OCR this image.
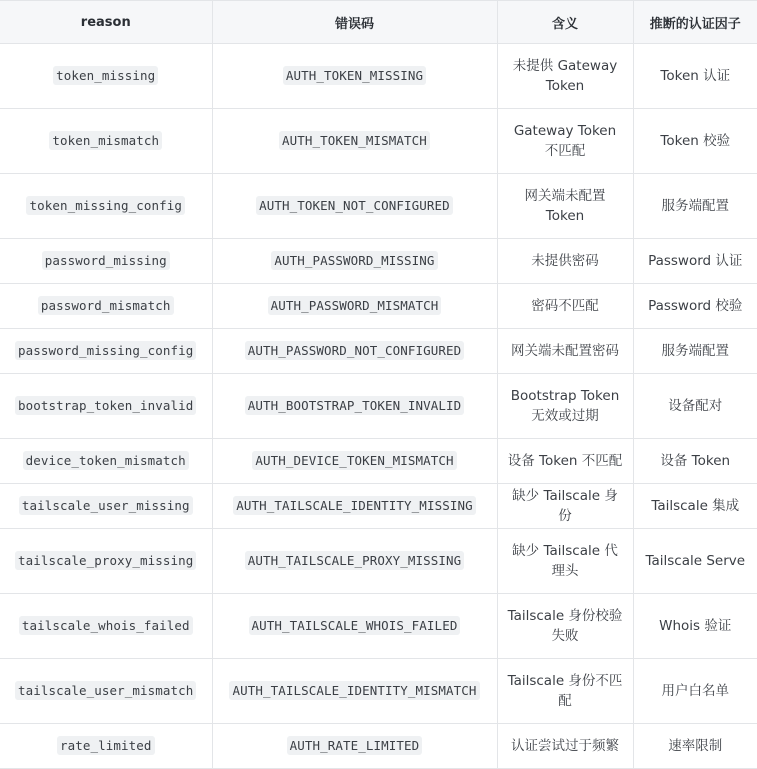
reason	错误码	含义	推断的认证因子
token_missing	AUTH_TOKEN_MISSING	未提供 Gateway Token	Token 认证
token_mismatch	AUTH_TOKEN_MISMATCH	Gateway Token 不匹配	Token 校验
token_missing_config	AUTH_TOKEN_NOT_CONFIGURED	网关端未配置 Token	服务端配置
password_missing	AUTH_PASSWORD_MISSING	未提供密码	Password 认证
password_mismatch	AUTH_PASSWORD_MISMATCH	密码不匹配	Password 校验
password_missing_config	AUTH_PASSWORD_NOT_CONFIGURED	网关端未配置密码	服务端配置
bootstrap_token_invalid	AUTH_BOOTSTRAP_TOKEN_INVALID	Bootstrap Token 无效或过期	设备配对
device_token_mismatch	AUTH_DEVICE_TOKEN_MISMATCH	设备 Token 不匹配	设备 Token
tailscale_user_missing	AUTH_TAILSCALE_IDENTITY_MISSING	缺少 Tailscale 身份	Tailscale 集成
tailscale_proxy_missing	AUTH_TAILSCALE_PROXY_MISSING	缺少 Tailscale 代理头	Tailscale Serve
tailscale_whois_failed	AUTH_TAILSCALE_WHOIS_FAILED	Tailscale 身份校验失败	Whois 验证
tailscale_user_mismatch	AUTH_TAILSCALE_IDENTITY_MISMATCH	Tailscale 身份不匹配	用户白名单
rate_limited	AUTH_RATE_LIMITED	认证尝试过于频繁	速率限制
